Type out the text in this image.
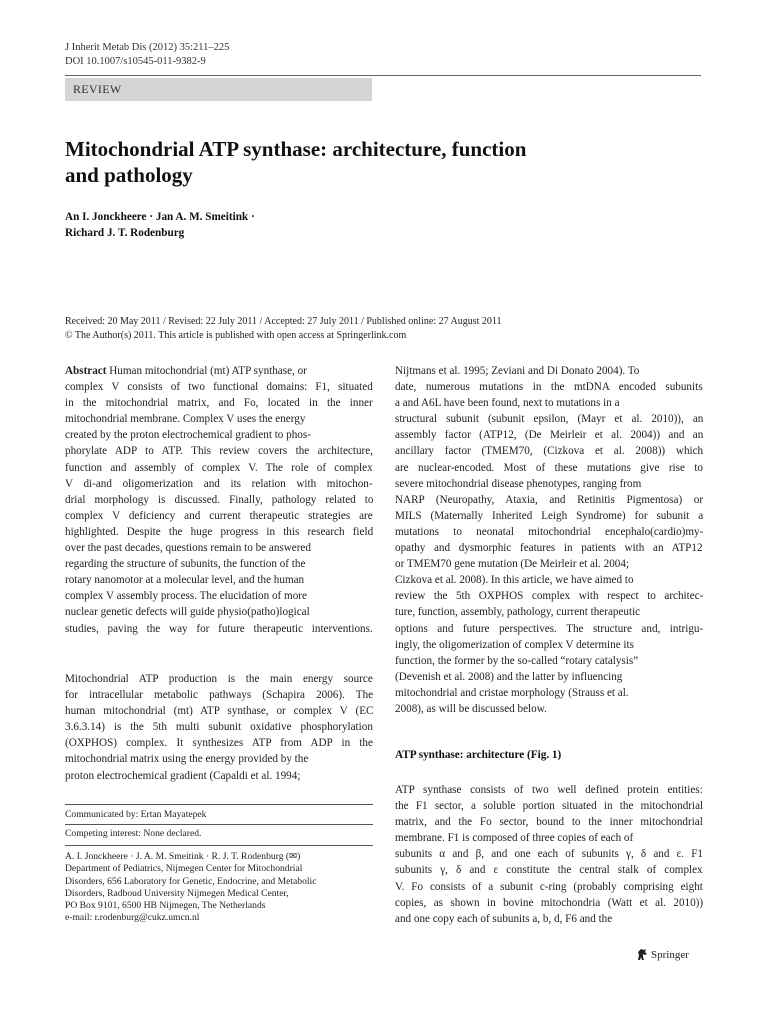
J Inherit Metab Dis (2012) 35:211–225
DOI 10.1007/s10545-011-9382-9
REVIEW
Mitochondrial ATP synthase: architecture, function
and pathology
An I. Jonckheere · Jan A. M. Smeitink ·
Richard J. T. Rodenburg
Received: 20 May 2011 / Revised: 22 July 2011 / Accepted: 27 July 2011 / Published online: 27 August 2011
© The Author(s) 2011. This article is published with open access at Springerlink.com
Abstract Human mitochondrial (mt) ATP synthase, or
complex V consists of two functional domains: F1, situated
in the mitochondrial matrix, and Fo, located in the inner
mitochondrial membrane. Complex V uses the energy
created by the proton electrochemical gradient to phos-
phorylate ADP to ATP. This review covers the architecture,
function and assembly of complex V. The role of complex
V di-and oligomerization and its relation with mitochon-
drial morphology is discussed. Finally, pathology related to
complex V deficiency and current therapeutic strategies are
highlighted. Despite the huge progress in this research field
over the past decades, questions remain to be answered
regarding the structure of subunits, the function of the
rotary nanomotor at a molecular level, and the human
complex V assembly process. The elucidation of more
nuclear genetic defects will guide physio(patho)logical
studies, paving the way for future therapeutic interventions.
Mitochondrial ATP production is the main energy source
for intracellular metabolic pathways (Schapira 2006). The
human mitochondrial (mt) ATP synthase, or complex V (EC
3.6.3.14) is the 5th multi subunit oxidative phosphorylation
(OXPHOS) complex. It synthesizes ATP from ADP in the
mitochondrial matrix using the energy provided by the
proton electrochemical gradient (Capaldi et al. 1994;
Communicated by: Ertan Mayatepek
Competing interest: None declared.
A. I. Jonckheere · J. A. M. Smeitink · R. J. T. Rodenburg (✉)
Department of Pediatrics, Nijmegen Center for Mitochondrial
Disorders, 656 Laboratory for Genetic, Endocrine, and Metabolic
Disorders, Radboud University Nijmegen Medical Center,
PO Box 9101, 6500 HB Nijmegen, The Netherlands
e-mail: r.rodenburg@cukz.umcn.nl
Nijtmans et al. 1995; Zeviani and Di Donato 2004). To
date, numerous mutations in the mtDNA encoded subunits
a and A6L have been found, next to mutations in a
structural subunit (subunit epsilon, (Mayr et al. 2010)), an
assembly factor (ATP12, (De Meirleir et al. 2004)) and an
ancillary factor (TMEM70, (Cizkova et al. 2008)) which
are nuclear-encoded. Most of these mutations give rise to
severe mitochondrial disease phenotypes, ranging from
NARP (Neuropathy, Ataxia, and Retinitis Pigmentosa) or
MILS (Maternally Inherited Leigh Syndrome) for subunit a
mutations to neonatal mitochondrial encephalo(cardio)my-
opathy and dysmorphic features in patients with an ATP12
or TMEM70 gene mutation (De Meirleir et al. 2004;
Cizkova et al. 2008). In this article, we have aimed to
review the 5th OXPHOS complex with respect to architec-
ture, function, assembly, pathology, current therapeutic
options and future perspectives. The structure and, intrigu-
ingly, the oligomerization of complex V determine its
function, the former by the so-called “rotary catalysis”
(Devenish et al. 2008) and the latter by influencing
mitochondrial and cristae morphology (Strauss et al.
2008), as will be discussed below.
ATP synthase: architecture (Fig. 1)
ATP synthase consists of two well defined protein entities:
the F1 sector, a soluble portion situated in the mitochondrial
matrix, and the Fo sector, bound to the inner mitochondrial
membrane. F1 is composed of three copies of each of
subunits α and β, and one each of subunits γ, δ and ε. F1
subunits γ, δ and ε constitute the central stalk of complex
V. Fo consists of a subunit c-ring (probably comprising eight
copies, as shown in bovine mitochondria (Watt et al. 2010))
and one copy each of subunits a, b, d, F6 and the
Springer
